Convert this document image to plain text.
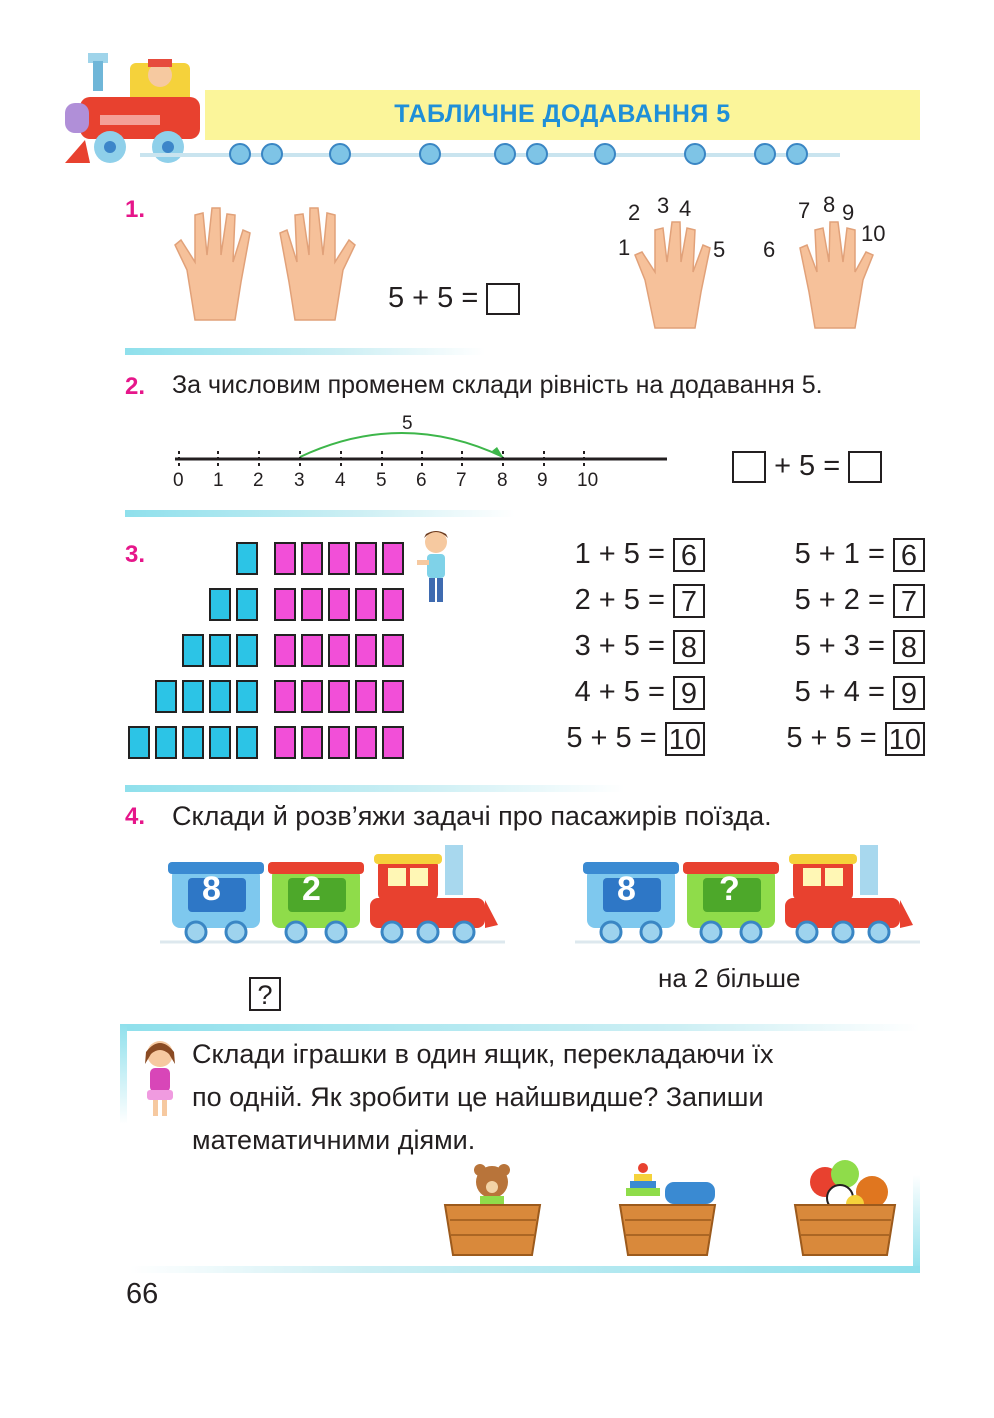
ТАБЛИЧНЕ ДОДАВАННЯ 5
1.
5 + 5 =
1
2 3 4
5 6
7 8 9
10
2. За числовим променем склади рівність на додавання 5.
5
0 1 2 3 4 5 6 7 8 9 10	+ 5 =
3.	1 + 5 = 6
2 + 5 = 7
3 + 5 = 8
4 + 5 = 9
5 + 5 = 10
5 + 1 = 6
5 + 2 = 7
5 + 3 = 8
5 + 4 = 9
5 + 5 = 10
4. Склади й розв’яжи задачі про пасажирів поїзда.
8 2
?
8 ?
на 2 більше
Склади іграшки в один ящик, перекладаючи їх
по одній. Як зробити це найшвидше? Запиши
математичними діями.
66
